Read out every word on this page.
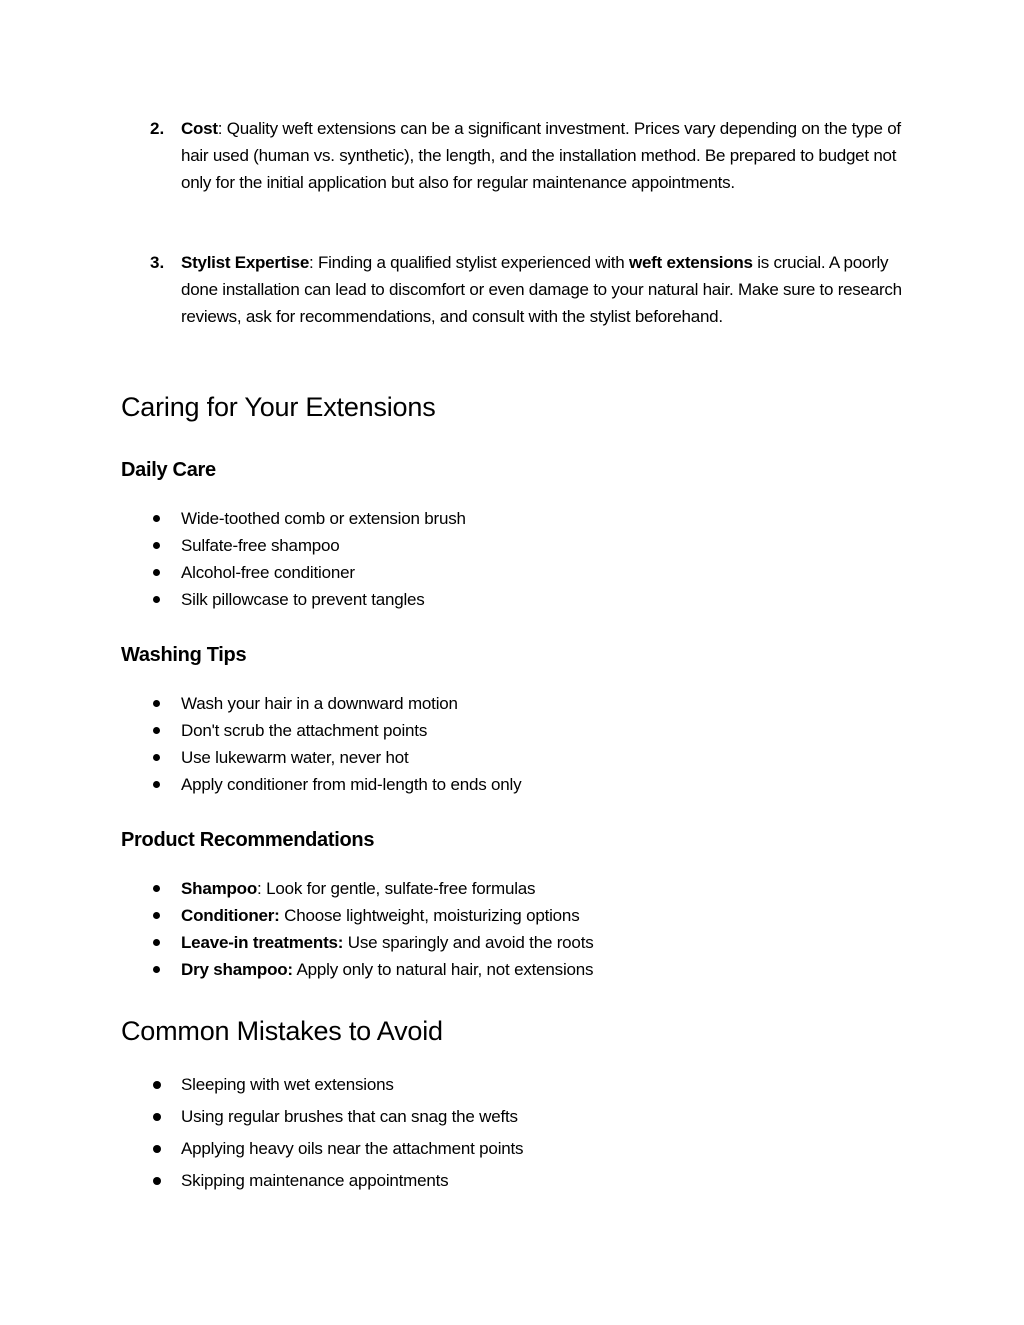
2. Cost: Quality weft extensions can be a significant investment. Prices vary depending on the type of hair used (human vs. synthetic), the length, and the installation method. Be prepared to budget not only for the initial application but also for regular maintenance appointments.
3. Stylist Expertise: Finding a qualified stylist experienced with weft extensions is crucial. A poorly done installation can lead to discomfort or even damage to your natural hair. Make sure to research reviews, ask for recommendations, and consult with the stylist beforehand.
Caring for Your Extensions
Daily Care
Wide-toothed comb or extension brush
Sulfate-free shampoo
Alcohol-free conditioner
Silk pillowcase to prevent tangles
Washing Tips
Wash your hair in a downward motion
Don't scrub the attachment points
Use lukewarm water, never hot
Apply conditioner from mid-length to ends only
Product Recommendations
Shampoo: Look for gentle, sulfate-free formulas
Conditioner: Choose lightweight, moisturizing options
Leave-in treatments: Use sparingly and avoid the roots
Dry shampoo: Apply only to natural hair, not extensions
Common Mistakes to Avoid
Sleeping with wet extensions
Using regular brushes that can snag the wefts
Applying heavy oils near the attachment points
Skipping maintenance appointments
